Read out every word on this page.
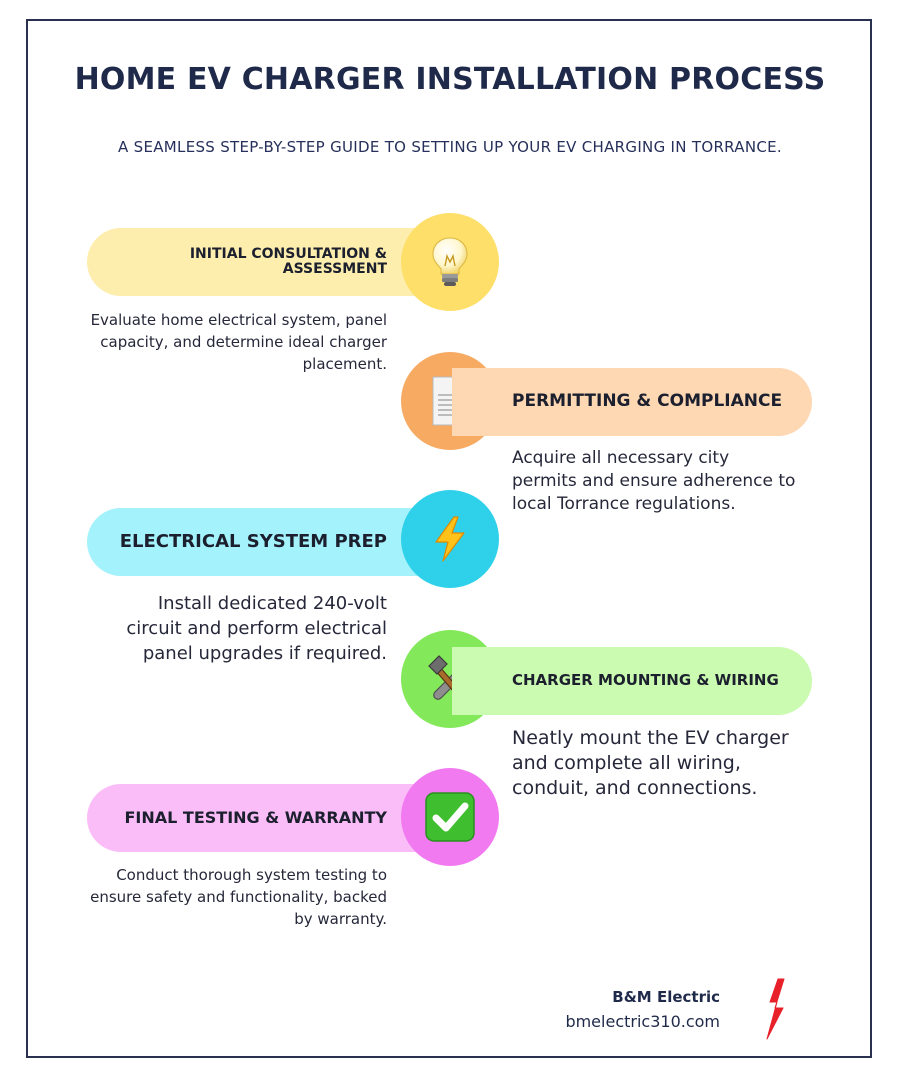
HOME EV CHARGER INSTALLATION PROCESS

A SEAMLESS STEP-BY-STEP GUIDE TO SETTING UP YOUR EV CHARGING IN TORRANCE.

INITIAL CONSULTATION & ASSESSMENT

Evaluate home electrical system, panel capacity, and determine ideal charger placement.

PERMITTING & COMPLIANCE

Acquire all necessary city permits and ensure adherence to local Torrance regulations.

ELECTRICAL SYSTEM PREP

Install dedicated 240-volt circuit and perform electrical panel upgrades if required.

CHARGER MOUNTING & WIRING

Neatly mount the EV charger and complete all wiring, conduit, and connections.

FINAL TESTING & WARRANTY

Conduct thorough system testing to ensure safety and functionality, backed by warranty.

B&M Electric
bmelectric310.com
